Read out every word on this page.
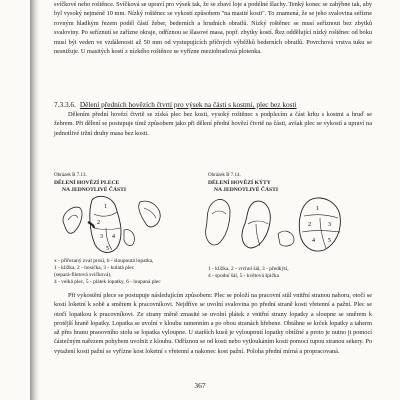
svíčkové nebo roštěnce. Svíčková se upraví pro výsek tak, že se zbaví loje a podélné šlachy. Tenký konec se zahýbne tak, aby byl vysoký nejméně 10 mm. Nízký roštěnec se vykostí způsobem "na masité kosti". To znamená, že se jeho svalovina seříznе rovným hladkým řezem podél částí žeber, bederních a hrudních obratlů. Nízký roštěnec se musí seříznout bez zbytků svaloviny. Po seříznutí se zařízne okraje, odříznou se šlasové masa, popř. zbytky kostí. Řez oddělující nízký roštěnec od boku musí být veden ve vzdálenosti až 50 mm od vystupujících příčných výběžků bederních obratlů. Povrchová vrstva tuku se nesnižuje. U masitých kostí z nízkého roštěnce se vyříznе meziobratlová plotenka.

7.3.3.6. Dělení předních hovězích čtvrtí pro výsek na části s kostmi, plec bez kosti
Dělením přední hovězí čtvrtě se získá plec bez kosti, vysoký roštěnec s podplecím a část krku s kostmi a hruď se žebrem. Při dělení se postupuje tímž způsobem jako při dělení přední hovězí čtvrtě na části, avšak plec se vykostí a upraví na jednotlivé tržní druhy masa bez kosti.
Obrázek B 7.13.
DĚLENÍ HOVĚZÍ PLECE
NA JEDNOTLIVÉ ČÁSTI
1
2
3 4
5
x - přiřezaný zval prosí, b - sloupnutá lopatka,
1 - kližka, 2 - hosička, 3 - kulatá plec
(separá-filetová svíčková),
4 - velká plec, 5 - plátek lopatky, 6 - loupaná plec
Obrázek B 7.14.
DĚLENÍ HOVĚZÍ KÝTY
NA JEDNOTLIVÉ ČÁSTI
1
2	3
4 5
1 - kližka, 2 - vrchní šál, 3 - předkýtí,
4 - spodní šál, 5 - květová špička
Při vykostění plece se postupuje následujícím způsobem: Plec se položí na pracovní stůl vnitřní stranou nahoru, otočí se kostí loketní k sobě a směrem k pracovníkovi. Nejdříve se uvolní svalovina po přední straně kosti vřetenní a pažní. Plec se otočí lopatkou k pracovníkovi. Ze strany měně zmasité se uvolní plátek z vnitřní strany lopatky a sloupne se směrem k protější hraně lopatky. Lopatka se uvolní v kloubu ramenním a po obou stranách hřebene. Obtáhne se krček lopatky a taherm až přes hranu praoovního stolu se lopatka vyloupne. U starších kusů je vyloupnutí lopatky obtížné a proto je nutno ji pomocí částečným nařezem pohybem uvolnit z kloubu. Odříznou se od kosti nebo vytloukáním kosti pomocí tupou stranou sekery. Po vytažení kosti pažní se vyřízne kost loketní s vřetenní a nakonec kost pažní. Poloha přední mírná a propracovaná.
367
